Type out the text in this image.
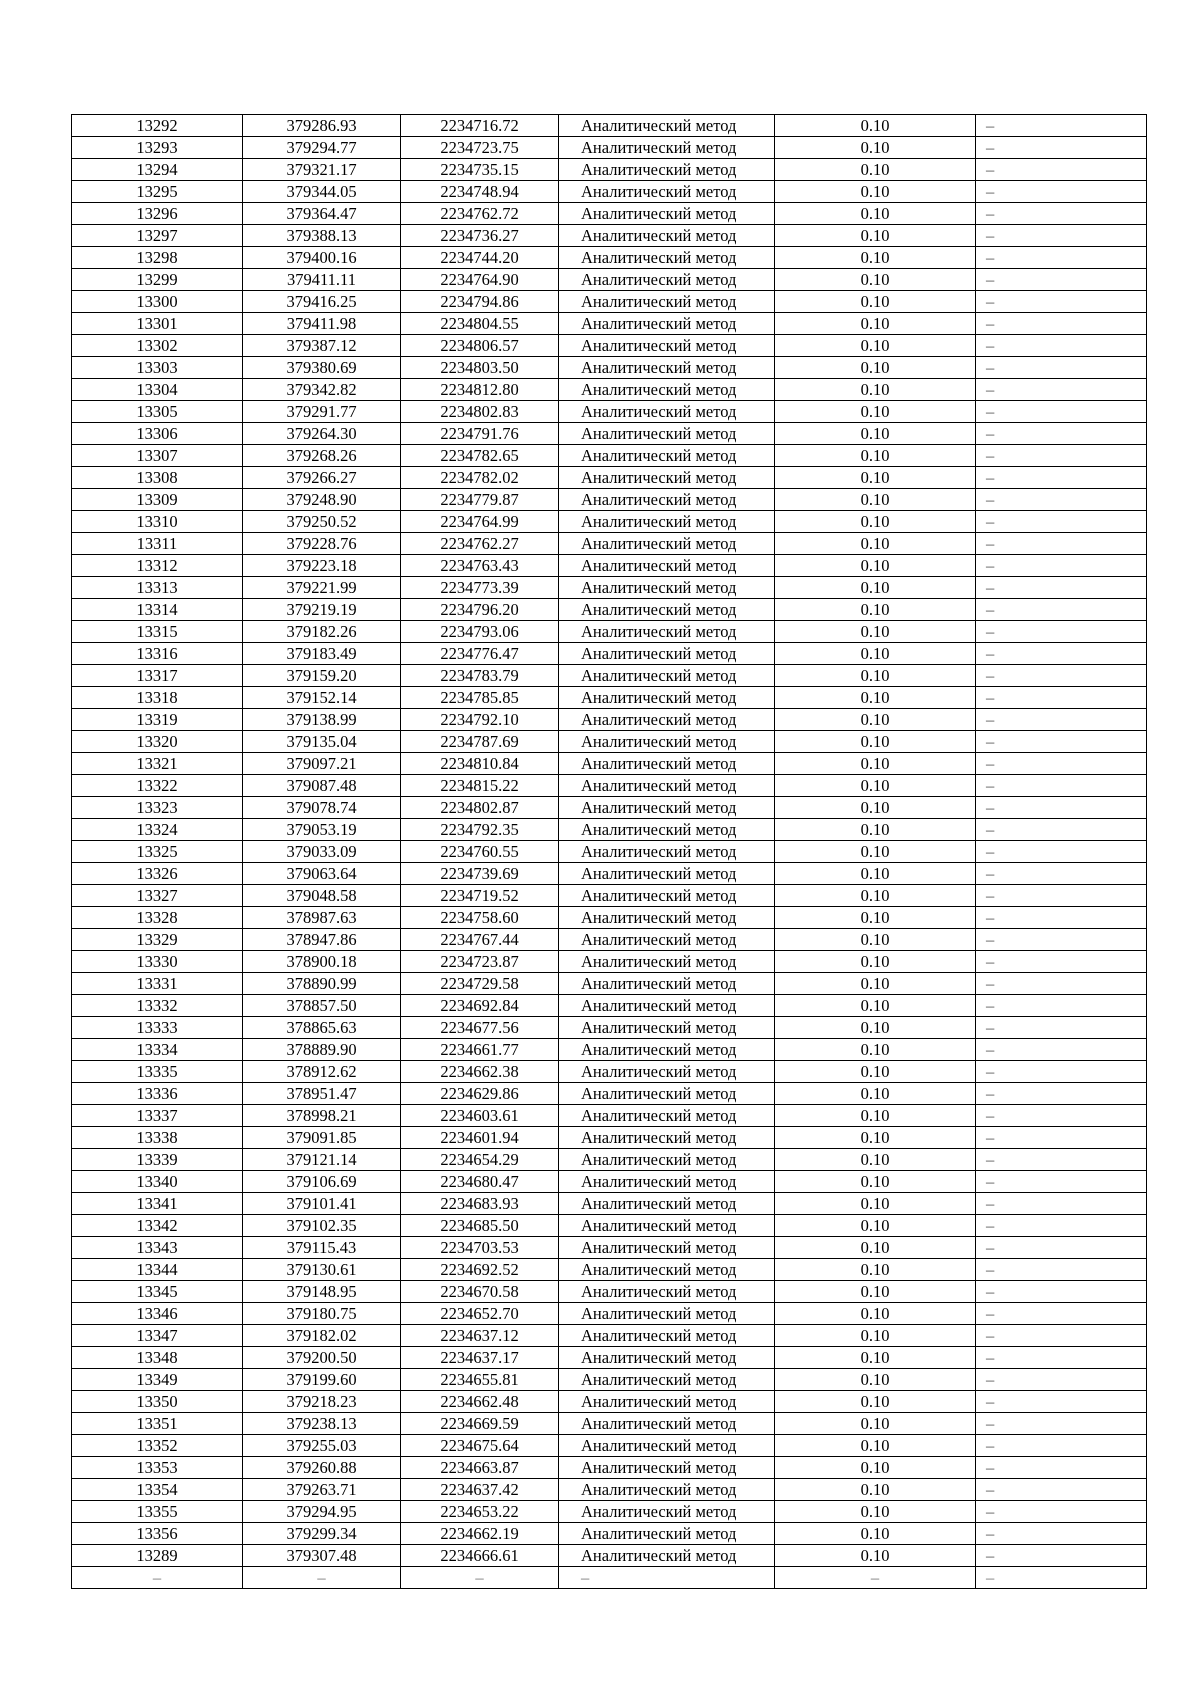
13292	379286.93	2234716.72	Аналитический метод	0.10	–
13293	379294.77	2234723.75	Аналитический метод	0.10	–
13294	379321.17	2234735.15	Аналитический метод	0.10	–
13295	379344.05	2234748.94	Аналитический метод	0.10	–
13296	379364.47	2234762.72	Аналитический метод	0.10	–
13297	379388.13	2234736.27	Аналитический метод	0.10	–
13298	379400.16	2234744.20	Аналитический метод	0.10	–
13299	379411.11	2234764.90	Аналитический метод	0.10	–
13300	379416.25	2234794.86	Аналитический метод	0.10	–
13301	379411.98	2234804.55	Аналитический метод	0.10	–
13302	379387.12	2234806.57	Аналитический метод	0.10	–
13303	379380.69	2234803.50	Аналитический метод	0.10	–
13304	379342.82	2234812.80	Аналитический метод	0.10	–
13305	379291.77	2234802.83	Аналитический метод	0.10	–
13306	379264.30	2234791.76	Аналитический метод	0.10	–
13307	379268.26	2234782.65	Аналитический метод	0.10	–
13308	379266.27	2234782.02	Аналитический метод	0.10	–
13309	379248.90	2234779.87	Аналитический метод	0.10	–
13310	379250.52	2234764.99	Аналитический метод	0.10	–
13311	379228.76	2234762.27	Аналитический метод	0.10	–
13312	379223.18	2234763.43	Аналитический метод	0.10	–
13313	379221.99	2234773.39	Аналитический метод	0.10	–
13314	379219.19	2234796.20	Аналитический метод	0.10	–
13315	379182.26	2234793.06	Аналитический метод	0.10	–
13316	379183.49	2234776.47	Аналитический метод	0.10	–
13317	379159.20	2234783.79	Аналитический метод	0.10	–
13318	379152.14	2234785.85	Аналитический метод	0.10	–
13319	379138.99	2234792.10	Аналитический метод	0.10	–
13320	379135.04	2234787.69	Аналитический метод	0.10	–
13321	379097.21	2234810.84	Аналитический метод	0.10	–
13322	379087.48	2234815.22	Аналитический метод	0.10	–
13323	379078.74	2234802.87	Аналитический метод	0.10	–
13324	379053.19	2234792.35	Аналитический метод	0.10	–
13325	379033.09	2234760.55	Аналитический метод	0.10	–
13326	379063.64	2234739.69	Аналитический метод	0.10	–
13327	379048.58	2234719.52	Аналитический метод	0.10	–
13328	378987.63	2234758.60	Аналитический метод	0.10	–
13329	378947.86	2234767.44	Аналитический метод	0.10	–
13330	378900.18	2234723.87	Аналитический метод	0.10	–
13331	378890.99	2234729.58	Аналитический метод	0.10	–
13332	378857.50	2234692.84	Аналитический метод	0.10	–
13333	378865.63	2234677.56	Аналитический метод	0.10	–
13334	378889.90	2234661.77	Аналитический метод	0.10	–
13335	378912.62	2234662.38	Аналитический метод	0.10	–
13336	378951.47	2234629.86	Аналитический метод	0.10	–
13337	378998.21	2234603.61	Аналитический метод	0.10	–
13338	379091.85	2234601.94	Аналитический метод	0.10	–
13339	379121.14	2234654.29	Аналитический метод	0.10	–
13340	379106.69	2234680.47	Аналитический метод	0.10	–
13341	379101.41	2234683.93	Аналитический метод	0.10	–
13342	379102.35	2234685.50	Аналитический метод	0.10	–
13343	379115.43	2234703.53	Аналитический метод	0.10	–
13344	379130.61	2234692.52	Аналитический метод	0.10	–
13345	379148.95	2234670.58	Аналитический метод	0.10	–
13346	379180.75	2234652.70	Аналитический метод	0.10	–
13347	379182.02	2234637.12	Аналитический метод	0.10	–
13348	379200.50	2234637.17	Аналитический метод	0.10	–
13349	379199.60	2234655.81	Аналитический метод	0.10	–
13350	379218.23	2234662.48	Аналитический метод	0.10	–
13351	379238.13	2234669.59	Аналитический метод	0.10	–
13352	379255.03	2234675.64	Аналитический метод	0.10	–
13353	379260.88	2234663.87	Аналитический метод	0.10	–
13354	379263.71	2234637.42	Аналитический метод	0.10	–
13355	379294.95	2234653.22	Аналитический метод	0.10	–
13356	379299.34	2234662.19	Аналитический метод	0.10	–
13289	379307.48	2234666.61	Аналитический метод	0.10	–
–	–	–	–	–	–
